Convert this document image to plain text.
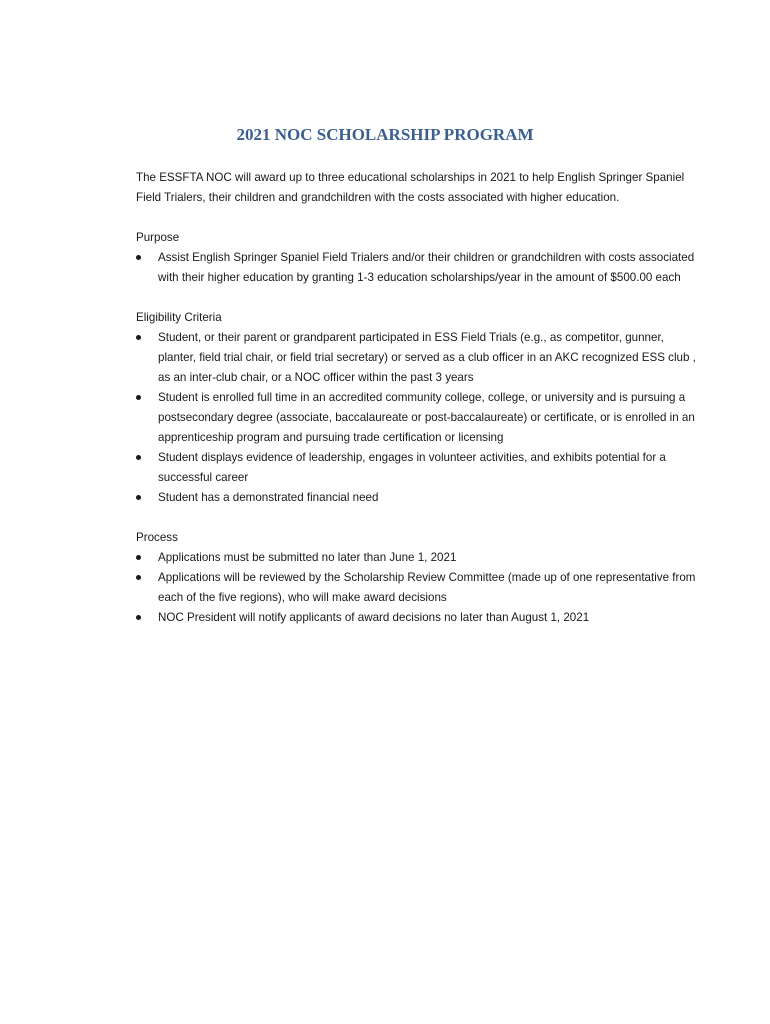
2021 NOC SCHOLARSHIP PROGRAM

The ESSFTA NOC will award up to three educational scholarships in 2021 to help English Springer Spaniel Field Trialers, their children and grandchildren with the costs associated with higher education.

Purpose

Assist English Springer Spaniel Field Trialers and/or their children or grandchildren with costs associated with their higher education by granting 1-3 education scholarships/year in the amount of $500.00 each

Eligibility Criteria

Student, or their parent or grandparent participated in ESS Field Trials (e.g., as competitor, gunner, planter, field trial chair, or field trial secretary) or served as a club officer in an AKC recognized ESS club , as an inter-club chair, or a NOC officer within the past 3 years
Student is enrolled full time in an accredited community college, college, or university and is pursuing a postsecondary degree (associate, baccalaureate or post-baccalaureate) or certificate, or is enrolled in an apprenticeship program and pursuing trade certification or licensing
Student displays evidence of leadership, engages in volunteer activities, and exhibits potential for a successful career
Student has a demonstrated financial need

Process

Applications must be submitted no later than June 1, 2021
Applications will be reviewed by the Scholarship Review Committee (made up of one representative from each of the five regions), who will make award decisions
NOC President will notify applicants of award decisions no later than August 1, 2021
